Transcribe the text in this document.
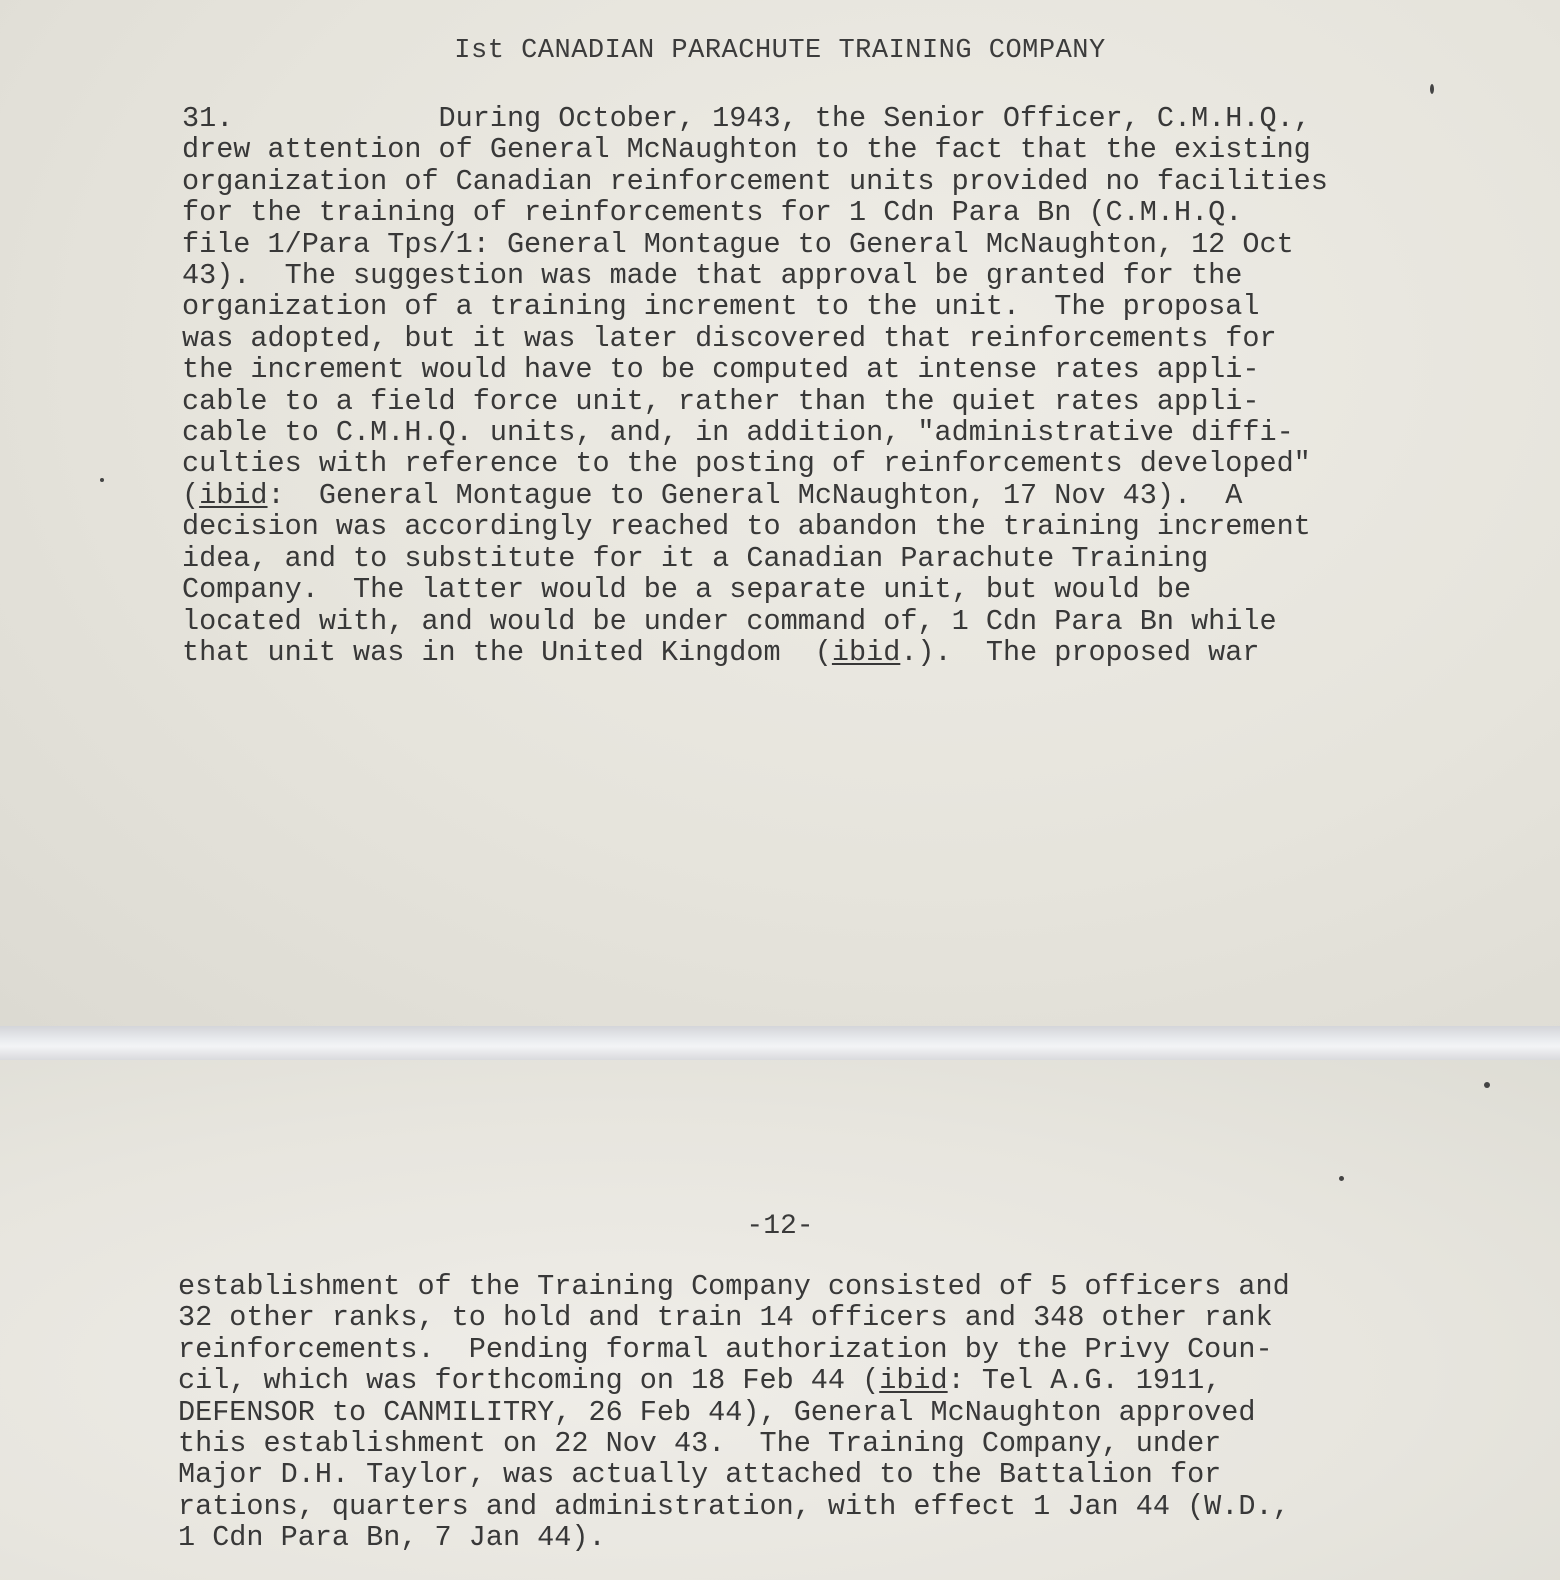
Ist CANADIAN PARACHUTE TRAINING COMPANY
31.            During October, 1943, the Senior Officer, C.M.H.Q.,
drew attention of General McNaughton to the fact that the existing
organization of Canadian reinforcement units provided no facilities
for the training of reinforcements for 1 Cdn Para Bn (C.M.H.Q.
file 1/Para Tps/1: General Montague to General McNaughton, 12 Oct
43).  The suggestion was made that approval be granted for the
organization of a training increment to the unit.  The proposal
was adopted, but it was later discovered that reinforcements for
the increment would have to be computed at intense rates appli-
cable to a field force unit, rather than the quiet rates appli-
cable to C.M.H.Q. units, and, in addition, "administrative diffi-
culties with reference to the posting of reinforcements developed"
(ibid:  General Montague to General McNaughton, 17 Nov 43).  A
decision was accordingly reached to abandon the training increment
idea, and to substitute for it a Canadian Parachute Training
Company.  The latter would be a separate unit, but would be
located with, and would be under command of, 1 Cdn Para Bn while
that unit was in the United Kingdom  (ibid.).  The proposed war
-12-
establishment of the Training Company consisted of 5 officers and
32 other ranks, to hold and train 14 officers and 348 other rank
reinforcements.  Pending formal authorization by the Privy Coun-
cil, which was forthcoming on 18 Feb 44 (ibid: Tel A.G. 1911,
DEFENSOR to CANMILITRY, 26 Feb 44), General McNaughton approved
this establishment on 22 Nov 43.  The Training Company, under
Major D.H. Taylor, was actually attached to the Battalion for
rations, quarters and administration, with effect 1 Jan 44 (W.D.,
1 Cdn Para Bn, 7 Jan 44).
